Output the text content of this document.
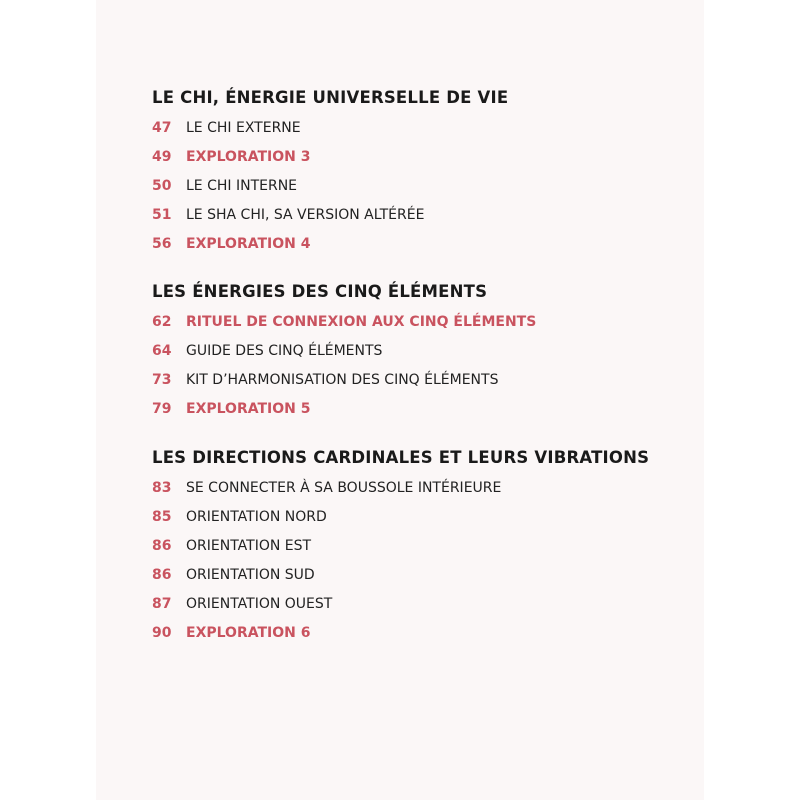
LE CHI, ÉNERGIE UNIVERSELLE DE VIE
47	LE CHI EXTERNE
49	EXPLORATION 3
50	LE CHI INTERNE
51	LE SHA CHI, SA VERSION ALTÉRÉE
56	EXPLORATION 4
LES ÉNERGIES DES CINQ ÉLÉMENTS
62	RITUEL DE CONNEXION AUX CINQ ÉLÉMENTS
64	GUIDE DES CINQ ÉLÉMENTS
73	KIT D’HARMONISATION DES CINQ ÉLÉMENTS
79	EXPLORATION 5
LES DIRECTIONS CARDINALES ET LEURS VIBRATIONS
83	SE CONNECTER À SA BOUSSOLE INTÉRIEURE
85	ORIENTATION NORD
86	ORIENTATION EST
86	ORIENTATION SUD
87	ORIENTATION OUEST
90	EXPLORATION 6
